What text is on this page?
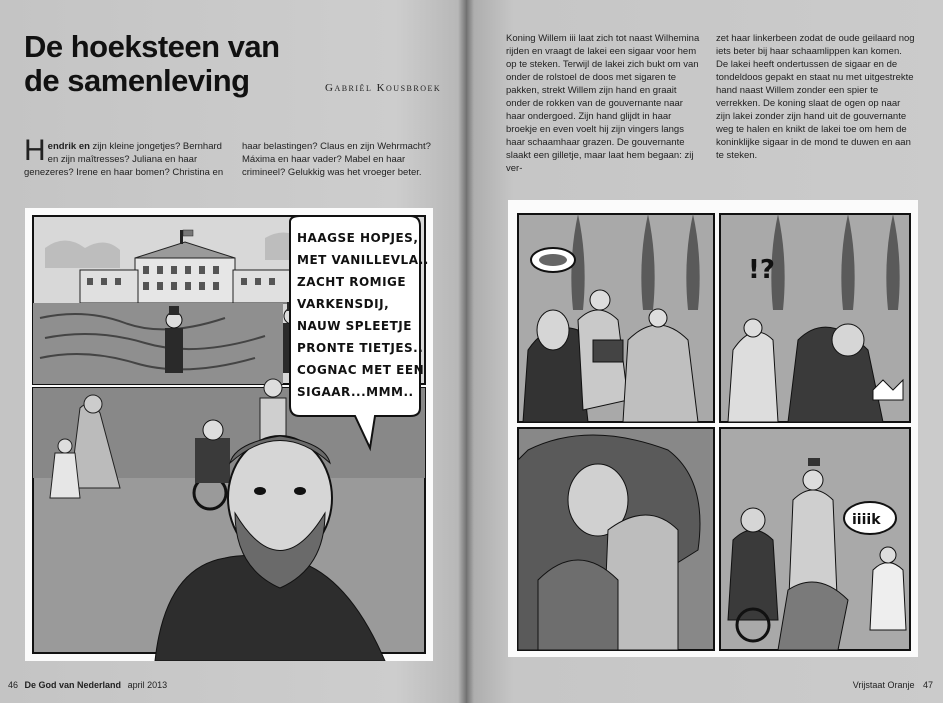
De hoeksteen van de samenleving	Gabriël Kousbroek
Hendrik en zijn kleine jongetjes? Bernhard en zijn maîtresses? Juliana en haar genezeres? Irene en haar bomen? Christina en haar belastingen? Claus en zijn Wehrmacht? Máxima en haar vader? Mabel en haar crimineel? Gelukkig was het vroeger beter.
HAAGSE HOPJES,
MET VANILLEVLA..
ZACHT ROMIGE
VARKENSDIJ,
NAUW SPLEETJE
PRONTE TIETJES..
COGNAC MET EEN
SIGAAR...MMM..
46 De God van Nederland april 2013
Koning Willem iii laat zich tot naast Wilhemina rijden en vraagt de lakei een sigaar voor hem op te steken. Terwijl de lakei zich bukt om van onder de rolstoel de doos met sigaren te pakken, strekt Willem zijn hand en graait onder de rokken van de gouvernante naar haar ondergoed. Zijn hand glijdt in haar broekje en even voelt hij zijn vingers langs haar schaamhaar grazen. De gouvernante slaakt een gilletje, maar laat hem begaan: zij ver-
zet haar linkerbeen zodat de oude geilaard nog iets beter bij haar schaamlippen kan komen. De lakei heeft ondertussen de sigaar en de tondeldoos gepakt en staat nu met uitgestrekte hand naast Willem zonder een spier te verrekken. De koning slaat de ogen op naar zijn lakei zonder zijn hand uit de gouvernante weg te halen en knikt de lakei toe om hem de koninklijke sigaar in de mond te duwen en aan te steken.
!?
iiiik
Vrijstaat Oranje 47
